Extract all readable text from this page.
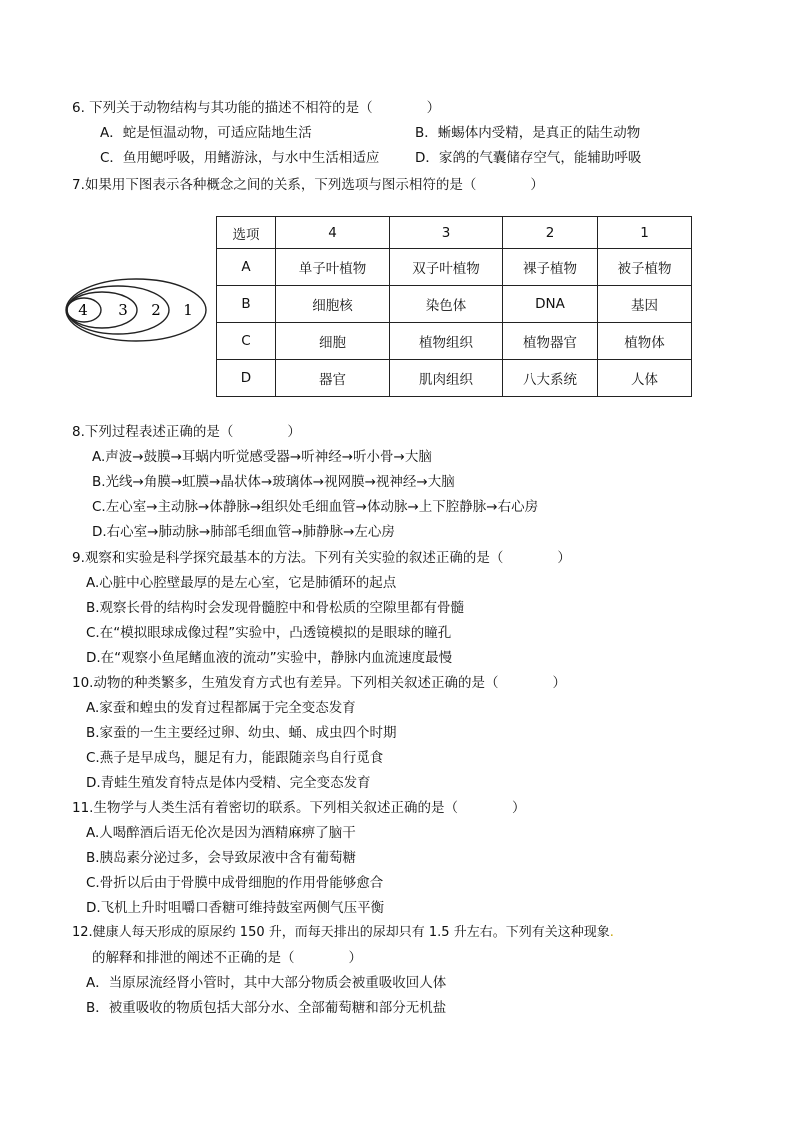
6. 下列关于动物结构与其功能的描述不相符的是（　　　　）
A．蛇是恒温动物，可适应陆地生活	B．蜥蜴体内受精，是真正的陆生动物
C．鱼用鳃呼吸，用鳍游泳，与水中生活相适应	D．家鸽的气囊储存空气，能辅助呼吸
7.如果用下图表示各种概念之间的关系，下列选项与图示相符的是（　　　　）
4 3 2 1
选项	4	3	2	1
A	单子叶植物	双子叶植物	裸子植物	被子植物
B	细胞核	染色体	DNA	基因
C	细胞	植物组织	植物器官	植物体
D	器官	肌肉组织	八大系统	人体
8.下列过程表述正确的是（　　　　）
A.声波→鼓膜→耳蜗内听觉感受器→听神经→听小骨→大脑
B.光线→角膜→虹膜→晶状体→玻璃体→视网膜→视神经→大脑
C.左心室→主动脉→体静脉→组织处毛细血管→体动脉→上下腔静脉→右心房
D.右心室→肺动脉→肺部毛细血管→肺静脉→左心房
9.观察和实验是科学探究最基本的方法。下列有关实验的叙述正确的是（　　　　）
A.心脏中心腔壁最厚的是左心室，它是肺循环的起点
B.观察长骨的结构时会发现骨髓腔中和骨松质的空隙里都有骨髓
C.在“模拟眼球成像过程”实验中，凸透镜模拟的是眼球的瞳孔
D.在“观察小鱼尾鳍血液的流动”实验中，静脉内血流速度最慢
10.动物的种类繁多，生殖发育方式也有差异。下列相关叙述正确的是（　　　　）
A.家蚕和蝗虫的发育过程都属于完全变态发育
B.家蚕的一生主要经过卵、幼虫、蛹、成虫四个时期
C.燕子是早成鸟，腿足有力，能跟随亲鸟自行觅食
D.青蛙生殖发育特点是体内受精、完全变态发育
11.生物学与人类生活有着密切的联系。下列相关叙述正确的是（　　　　）
A.人喝醉酒后语无伦次是因为酒精麻痹了脑干
B.胰岛素分泌过多，会导致尿液中含有葡萄糖
C.骨折以后由于骨膜中成骨细胞的作用骨能够愈合
D.飞机上升时咀嚼口香糖可维持鼓室两侧气压平衡
12.健康人每天形成的原尿约 150 升，而每天排出的尿却只有 1.5 升左右。下列有关这种现象.
的解释和排泄的阐述不正确的是（　　　　）
A．当原尿流经肾小管时，其中大部分物质会被重吸收回人体
B．被重吸收的物质包括大部分水、全部葡萄糖和部分无机盐
